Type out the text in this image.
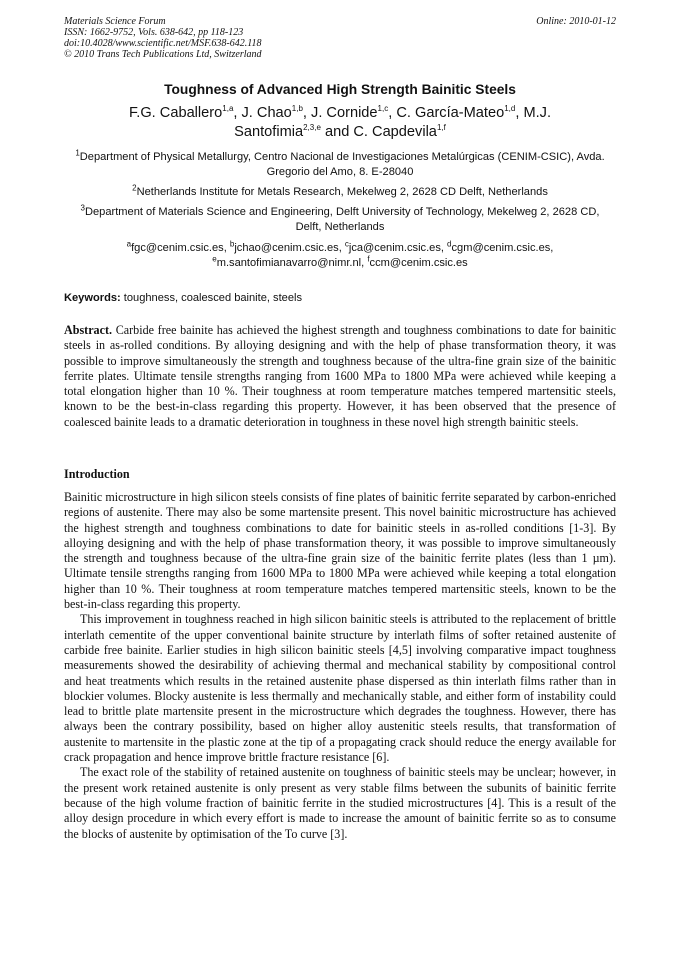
Materials Science Forum
ISSN: 1662-9752, Vols. 638-642, pp 118-123
doi:10.4028/www.scientific.net/MSF.638-642.118
© 2010 Trans Tech Publications Ltd, Switzerland
Online: 2010-01-12
Toughness of Advanced High Strength Bainitic Steels
F.G. Caballero$^{1,a}$, J. Chao$^{1,b}$, J. Cornide$^{1,c}$, C. García-Mateo$^{1,d}$, M.J. Santofimia$^{2,3,e}$ and C. Capdevila$^{1,f}$
$^1$Department of Physical Metallurgy, Centro Nacional de Investigaciones Metalúrgicas (CENIM-CSIC), Avda. Gregorio del Amo, 8. E-28040
$^2$Netherlands Institute for Metals Research, Mekelweg 2, 2628 CD Delft, Netherlands
$^3$Department of Materials Science and Engineering, Delft University of Technology, Mekelweg 2, 2628 CD, Delft, Netherlands
$^a$fgc@cenim.csic.es, $^b$jchao@cenim.csic.es, $^c$jca@cenim.csic.es, $^d$cgm@cenim.csic.es, $^e$m.santofimianavarro@nimr.nl, $^f$ccm@cenim.csic.es
Keywords: toughness, coalesced bainite, steels
Abstract. Carbide free bainite has achieved the highest strength and toughness combinations to date for bainitic steels in as-rolled conditions. By alloying designing and with the help of phase transformation theory, it was possible to improve simultaneously the strength and toughness because of the ultra-fine grain size of the bainitic ferrite plates. Ultimate tensile strengths ranging from 1600 MPa to 1800 MPa were achieved while keeping a total elongation higher than 10 %. Their toughness at room temperature matches tempered martensitic steels, known to be the best-in-class regarding this property. However, it has been observed that the presence of coalesced bainite leads to a dramatic deterioration in toughness in these novel high strength bainitic steels.
Introduction

Bainitic microstructure in high silicon steels consists of fine plates of bainitic ferrite separated by carbon-enriched regions of austenite. There may also be some martensite present. This novel bainitic microstructure has achieved the highest strength and toughness combinations to date for bainitic steels in as-rolled conditions [1-3]. By alloying designing and with the help of phase transformation theory, it was possible to improve simultaneously the strength and toughness because of the ultra-fine grain size of the bainitic ferrite plates (less than 1 µm). Ultimate tensile strengths ranging from 1600 MPa to 1800 MPa were achieved while keeping a total elongation higher than 10 %. Their toughness at room temperature matches tempered martensitic steels, known to be the best-in-class regarding this property.

This improvement in toughness reached in high silicon bainitic steels is attributed to the replacement of brittle interlath cementite of the upper conventional bainite structure by interlath films of softer retained austenite of carbide free bainite. Earlier studies in high silicon bainitic steels [4,5] involving comparative impact toughness measurements showed the desirability of achieving thermal and mechanical stability by compositional control and heat treatments which results in the retained austenite phase dispersed as thin interlath films rather than in blockier volumes. Blocky austenite is less thermally and mechanically stable, and either form of instability could lead to brittle plate martensite present in the microstructure which degrades the toughness. However, there has always been the contrary possibility, based on higher alloy austenitic steels results, that transformation of austenite to martensite in the plastic zone at the tip of a propagating crack should reduce the energy available for crack propagation and hence improve brittle fracture resistance [6].

The exact role of the stability of retained austenite on toughness of bainitic steels may be unclear; however, in the present work retained austenite is only present as very stable films between the subunits of bainitic ferrite because of the high volume fraction of bainitic ferrite in the studied microstructures [4]. This is a result of the alloy design procedure in which every effort is made to increase the amount of bainitic ferrite so as to consume the blocks of austenite by optimisation of the To curve [3].
